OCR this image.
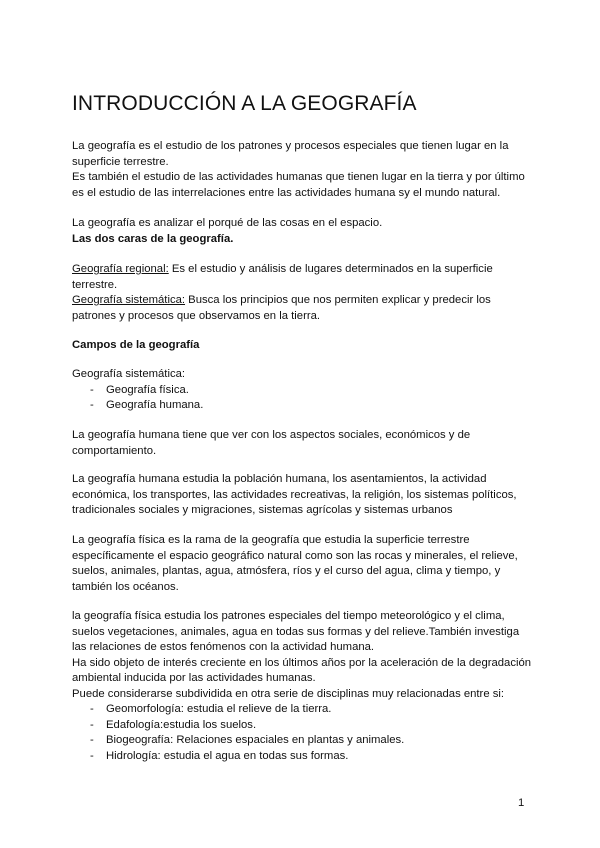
INTRODUCCIÓN A LA GEOGRAFÍA

La geografía es el estudio de los patrones y procesos especiales que tienen lugar en la superficie terrestre.

Es también el estudio de las actividades humanas que tienen lugar en la tierra y por último es el estudio de las interrelaciones entre las actividades humana sy el mundo natural.

La geografía es analizar el porqué de las cosas en el espacio.

Las dos caras de la geografía.

Geografía regional: Es el estudio y análisis de lugares determinados en la superficie terrestre.

Geografía sistemática: Busca los principios que nos permiten explicar y predecir los patrones y procesos que observamos en la tierra.

Campos de la geografía

Geografía sistemática:

- Geografía física.
- Geografía humana.

La geografía humana tiene que ver con los aspectos sociales, económicos y de comportamiento.

La geografía humana estudia la población humana, los asentamientos, la actividad económica, los transportes, las actividades recreativas, la religión, los sistemas políticos, tradicionales sociales y migraciones, sistemas agrícolas y sistemas urbanos

La geografía física es la rama de la geografía que estudia la superficie terrestre específicamente el espacio geográfico natural como son las rocas y minerales, el relieve, suelos, animales, plantas, agua, atmósfera, ríos y el curso del agua, clima y tiempo, y también los océanos.

la geografía física estudia los patrones especiales del tiempo meteorológico y el clima, suelos vegetaciones, animales, agua en todas sus formas y del relieve.También investiga las relaciones de estos fenómenos con la actividad humana.

Ha sido objeto de interés creciente en los últimos años por la aceleración de la degradación ambiental inducida por las actividades humanas.

Puede considerarse subdividida en otra serie de disciplinas muy relacionadas entre si:

- Geomorfología: estudia el relieve de la tierra.
- Edafología:estudia los suelos.
- Biogeografía: Relaciones espaciales en plantas y animales.
- Hidrología: estudia el agua en todas sus formas.
1
